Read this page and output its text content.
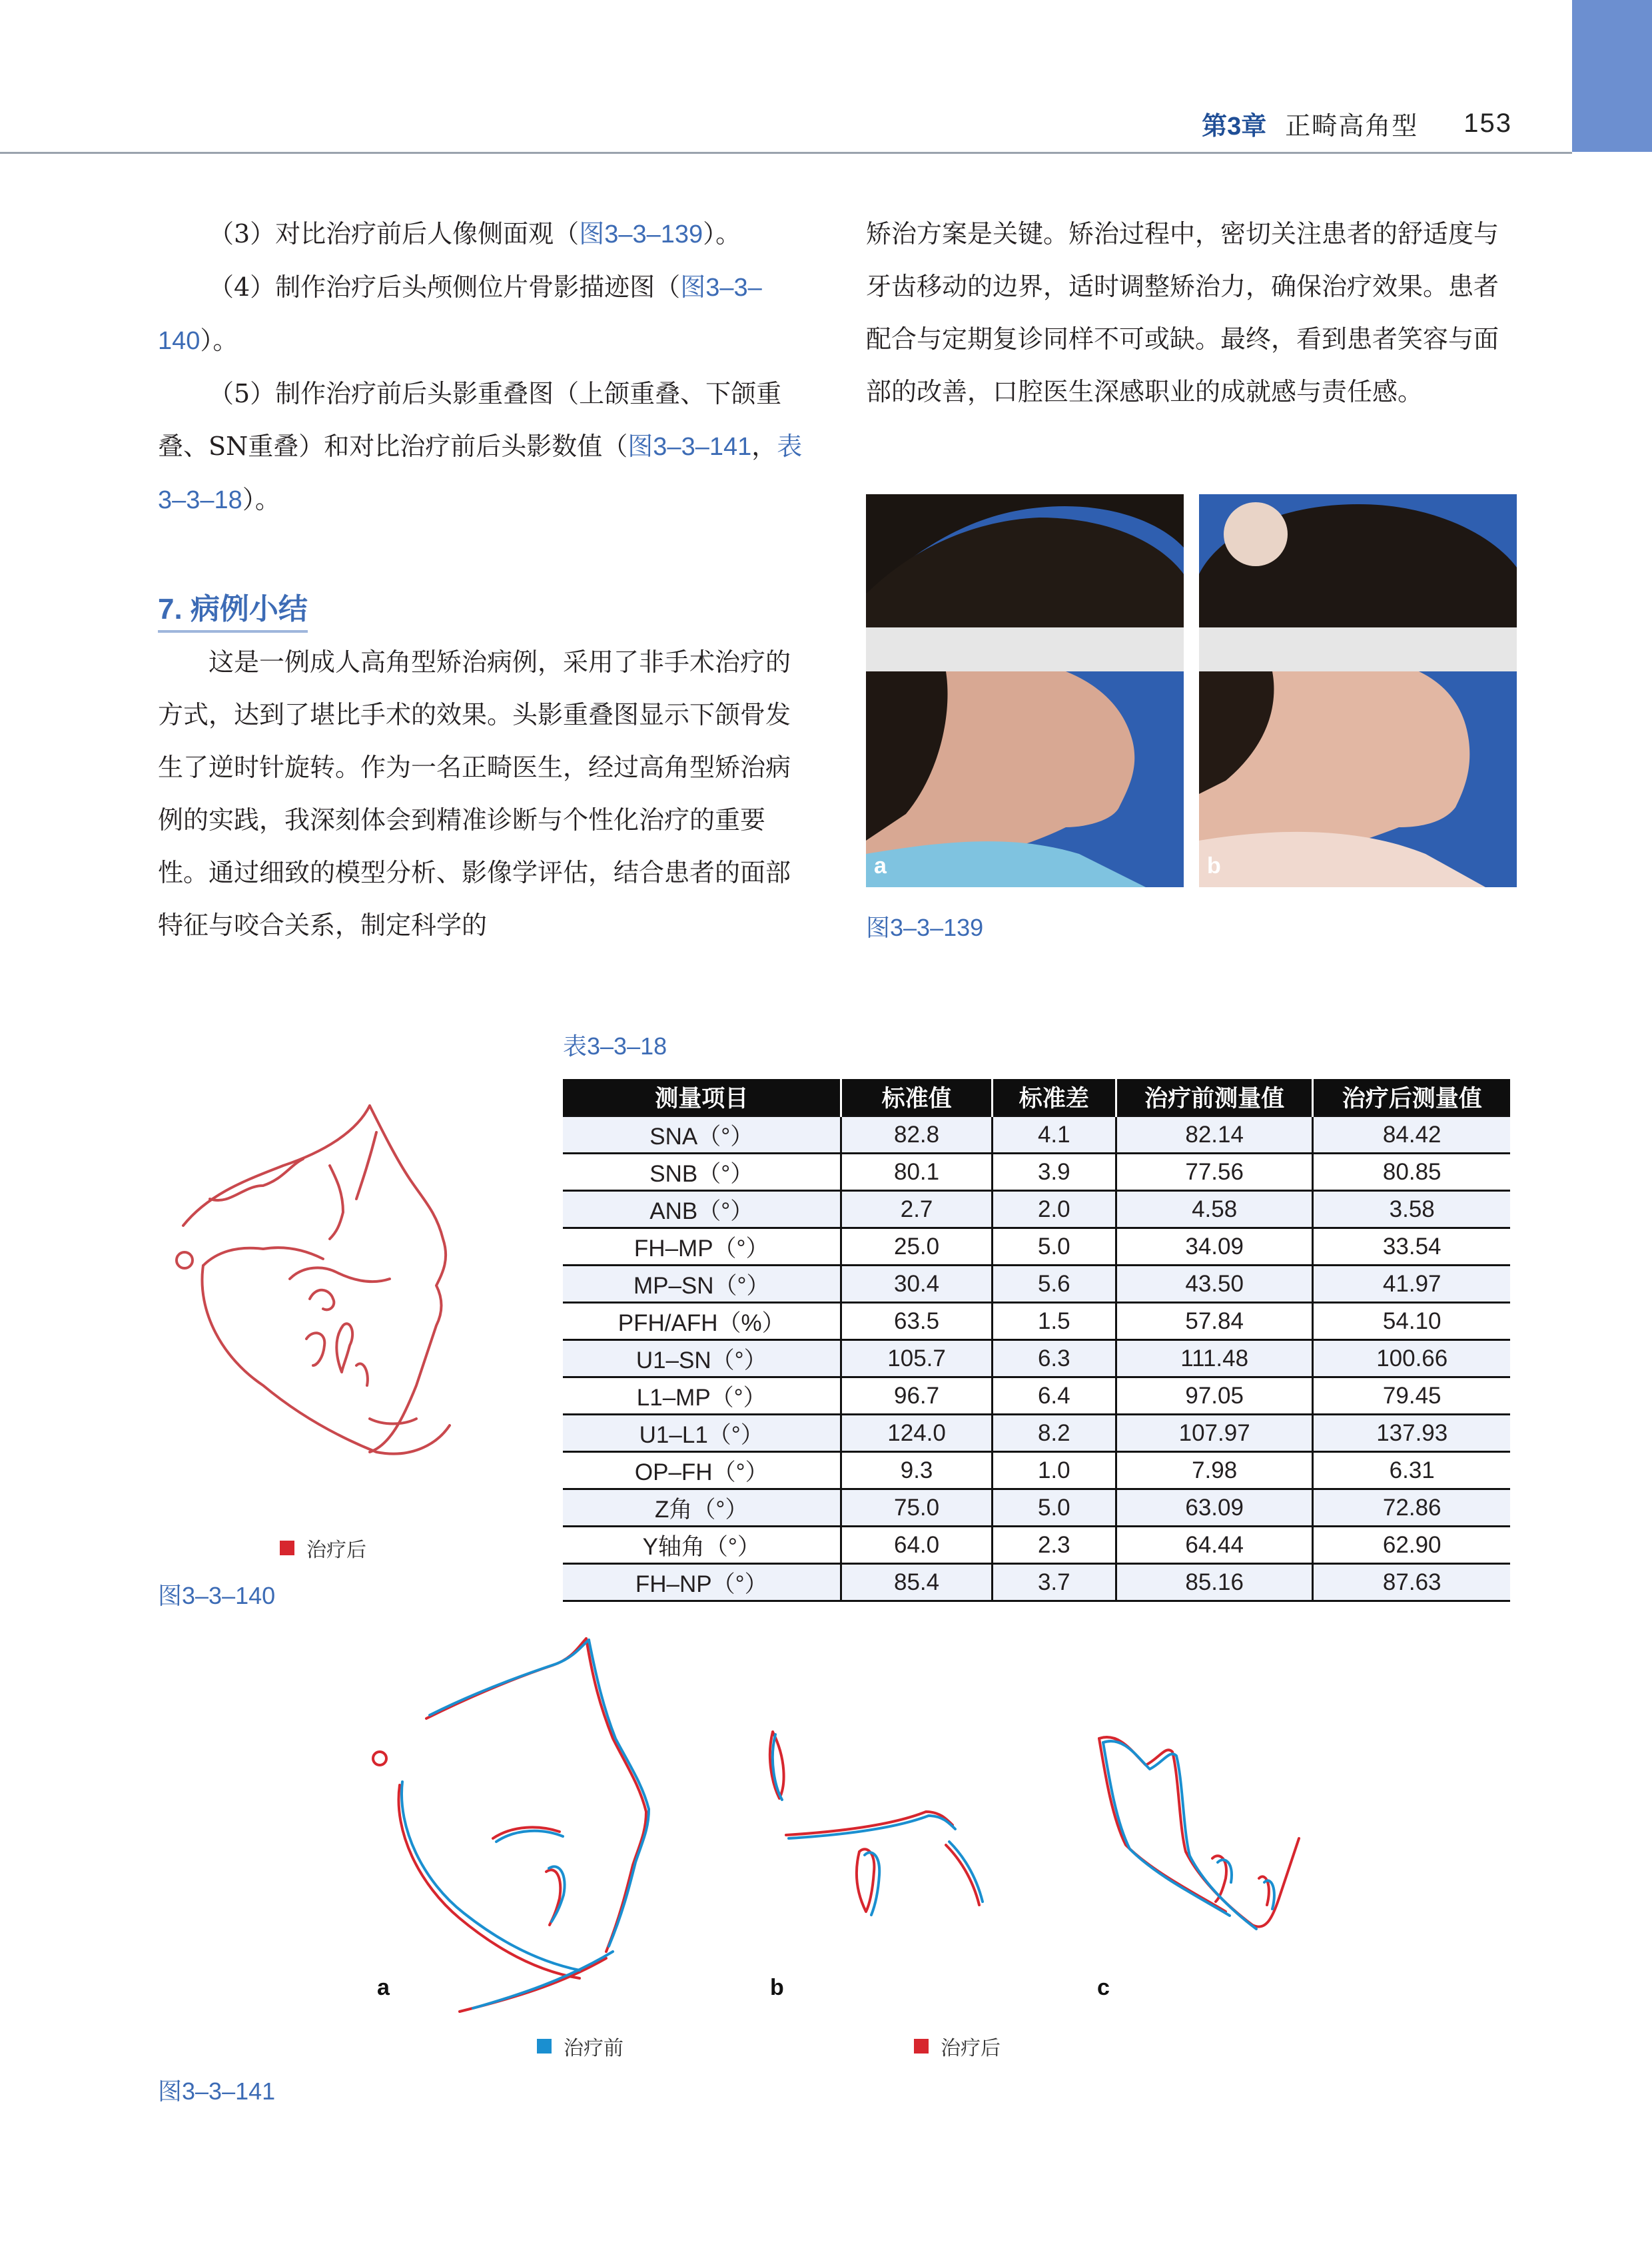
第3章 正畸高角型 153

（3）对比治疗前后人像侧面观（图3–3–139）。

（4）制作治疗后头颅侧位片骨影描迹图（图3–3–140）。

（5）制作治疗前后头影重叠图（上颌重叠、下颌重叠、SN重叠）和对比治疗前后头影数值（图3–3–141，表3–3–18）。

7. 病例小结

这是一例成人高角型矫治病例，采用了非手术治疗的方式，达到了堪比手术的效果。头影重叠图显示下颌骨发生了逆时针旋转。作为一名正畸医生，经过高角型矫治病例的实践，我深刻体会到精准诊断与个性化治疗的重要性。通过细致的模型分析、影像学评估，结合患者的面部特征与咬合关系，制定科学的

矫治方案是关键。矫治过程中，密切关注患者的舒适度与牙齿移动的边界，适时调整矫治力，确保治疗效果。患者配合与定期复诊同样不可或缺。最终，看到患者笑容与面部的改善，口腔医生深感职业的成就感与责任感。

a	b
图3–3–139
治疗后
图3–3–140
表3–3–18
测量项目	标准值	标准差	治疗前测量值	治疗后测量值
SNA（°）	82.8	4.1	82.14	84.42
SNB（°）	80.1	3.9	77.56	80.85
ANB（°）	2.7	2.0	4.58	3.58
FH–MP（°）	25.0	5.0	34.09	33.54
MP–SN（°）	30.4	5.6	43.50	41.97
PFH/AFH（%）	63.5	1.5	57.84	54.10
U1–SN（°）	105.7	6.3	111.48	100.66
L1–MP（°）	96.7	6.4	97.05	79.45
U1–L1（°）	124.0	8.2	107.97	137.93
OP–FH（°）	9.3	1.0	7.98	6.31
Z角（°）	75.0	5.0	63.09	72.86
Y轴角（°）	64.0	2.3	64.44	62.90
FH–NP（°）	85.4	3.7	85.16	87.63
a	b	c
治疗前	治疗后
图3–3–141
